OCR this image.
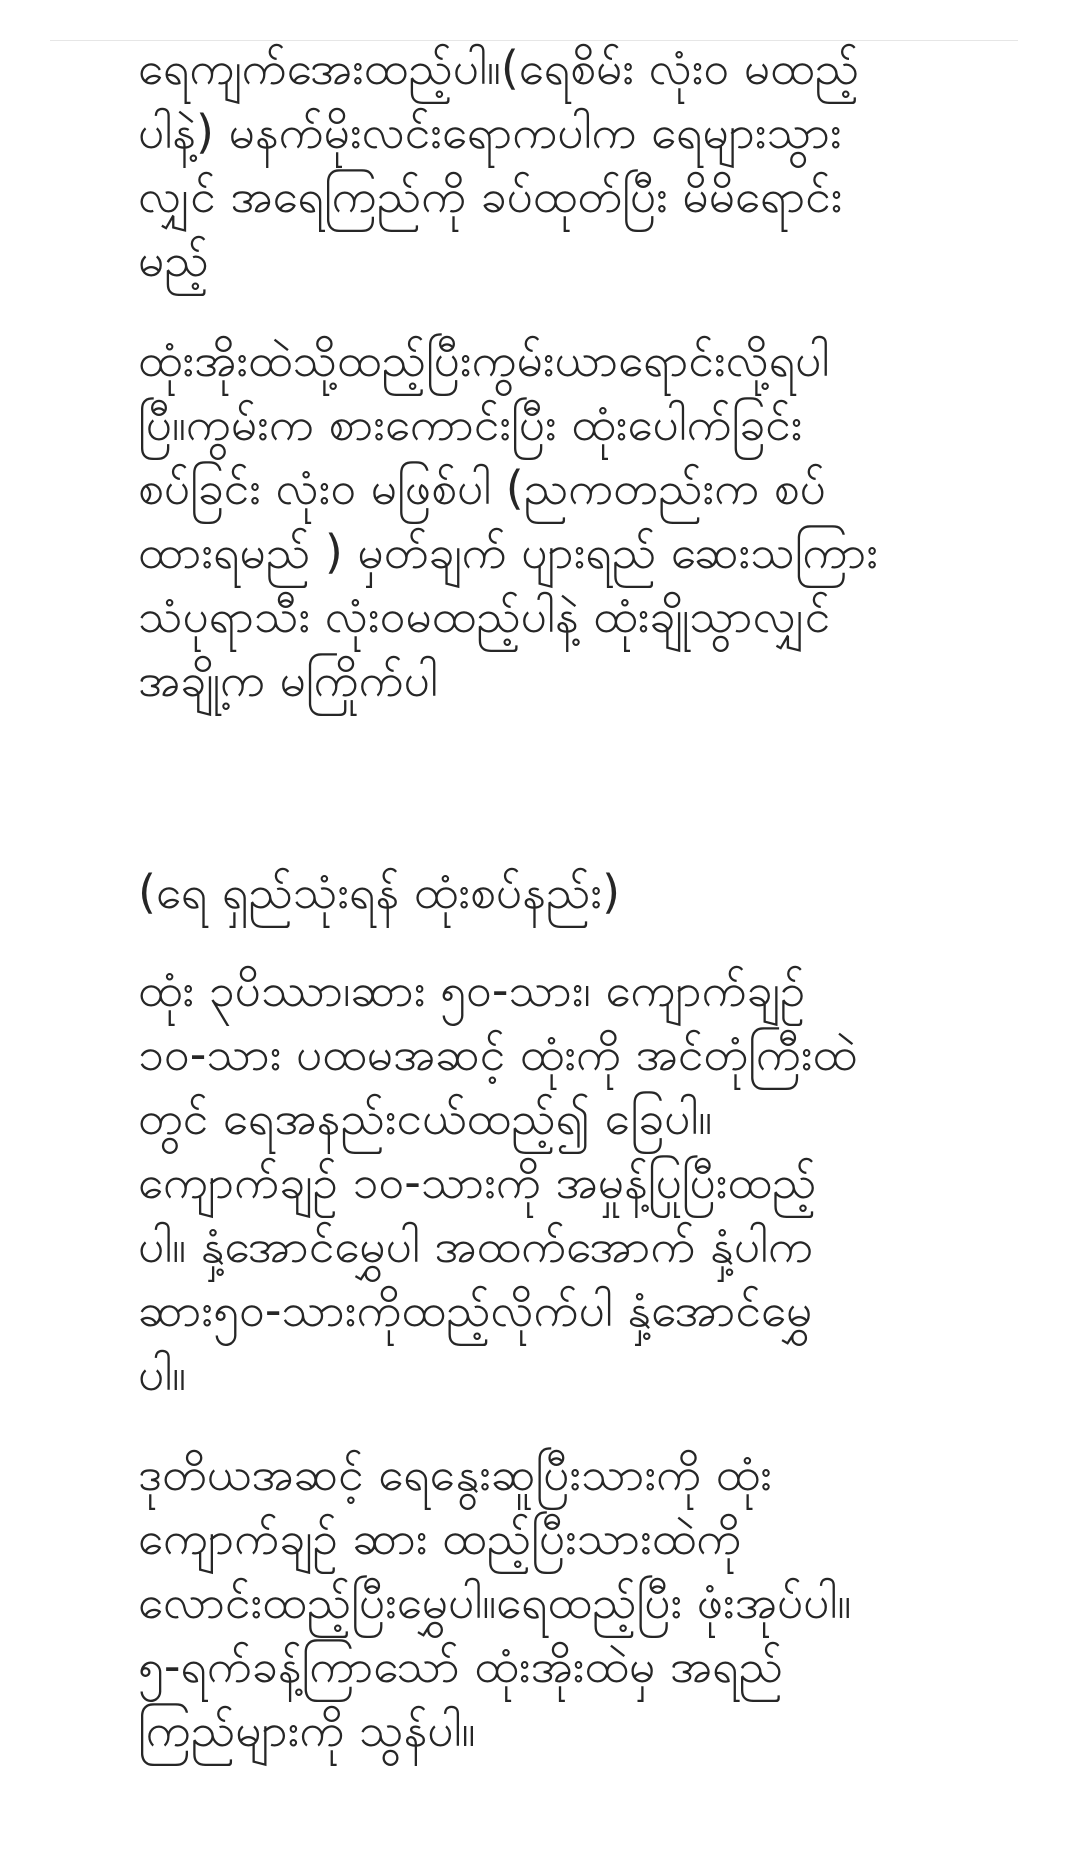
ရေကျက်အေးထည့်ပါ။(ရေစိမ်း လုံးဝ မထည့်
ပါနဲ့) မနက်မိုးလင်းရောကပါက ရေများသွား
လျှင် အရေကြည်ကို ခပ်ထုတ်ပြီး မိမိရောင်း
မည့်

ထုံးအိုးထဲသို့ထည့်ပြီးကွမ်းယာရောင်းလို့ရပါ
ပြီ။ကွမ်းက စားကောင်းပြီး ထုံးပေါက်ခြင်း
စပ်ခြင်း လုံးဝ မဖြစ်ပါ (ညကတည်းက စပ်
ထားရမည် ) မှတ်ချက် ပျားရည် ဆေးသကြား
သံပုရာသီး လုံးဝမထည့်ပါနဲ့ ထုံးချိုသွာလျှင်
အချို့က မကြိုက်ပါ

(ရေ ရှည်သုံးရန် ထုံးစပ်နည်း)

ထုံး ၃ပိဿာ၊ဆား ၅၀-သား၊ ကျောက်ချဉ်
၁၀-သား ပထမအဆင့် ထုံးကို အင်တုံကြီးထဲ
တွင် ရေအနည်းငယ်ထည့်၍ ခြေပါ။
ကျောက်ချဉ် ၁၀-သားကို အမှုန့်ပြုပြီးထည့်
ပါ။ နှံ့အောင်မွှေပါ အထက်အောက် နှံ့ပါက
ဆား၅၀-သားကိုထည့်လိုက်ပါ နှံ့အောင်မွှေ
ပါ။

ဒုတိယအဆင့် ရေနွေးဆူပြီးသားကို ထုံး
ကျောက်ချဉ် ဆား ထည့်ပြီးသားထဲကို
လောင်းထည့်ပြီးမွှေပါ။ရေထည့်ပြီး ဖုံးအုပ်ပါ။
၅-ရက်ခန့်ကြာသော် ထုံးအိုးထဲမှ အရည်
ကြည်များကို သွန်ပါ။
